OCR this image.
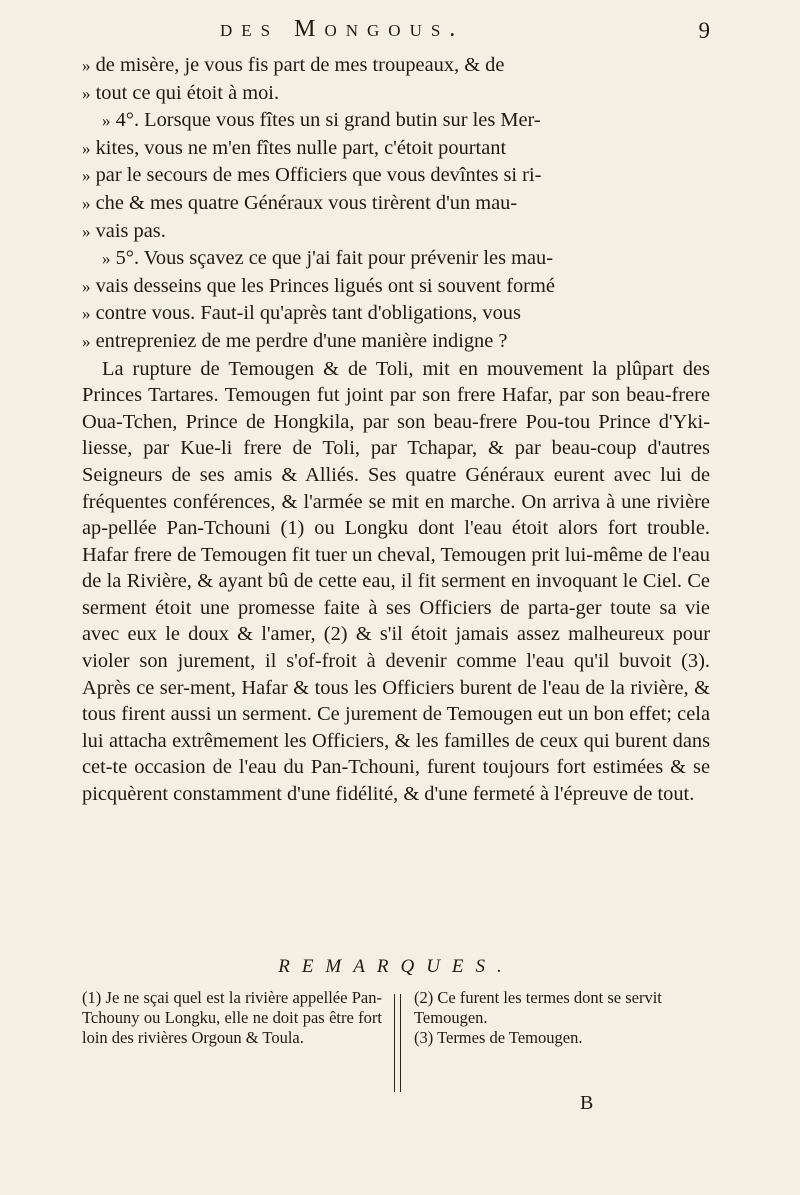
des Mongous.	9

» de misère, je vous fis part de mes troupeaux, & de

» tout ce qui étoit à moi.

» 4°. Lorsque vous fîtes un si grand butin sur les Mer-

» kites, vous ne m'en fîtes nulle part, c'étoit pourtant

» par le secours de mes Officiers que vous devîntes si ri-

» che & mes quatre Généraux vous tirèrent d'un mau-

» vais pas.

» 5°. Vous sçavez ce que j'ai fait pour prévenir les mau-

» vais desseins que les Princes ligués ont si souvent formé

» contre vous. Faut-il qu'après tant d'obligations, vous

» entrepreniez de me perdre d'une manière indigne ?

La rupture de Temougen & de Toli, mit en mouvement la plûpart des Princes Tartares. Temougen fut joint par son frere Hafar, par son beau-frere Oua-Tchen, Prince de Hongkila, par son beau-frere Pou-tou Prince d'Yki-liesse, par Kue-li frere de Toli, par Tchapar, & par beau-coup d'autres Seigneurs de ses amis & Alliés. Ses quatre Généraux eurent avec lui de fréquentes conférences, & l'armée se mit en marche. On arriva à une rivière ap-pellée Pan-Tchouni (1) ou Longku dont l'eau étoit alors fort trouble. Hafar frere de Temougen fit tuer un cheval, Temougen prit lui-même de l'eau de la Rivière, & ayant bû de cette eau, il fit serment en invoquant le Ciel. Ce serment étoit une promesse faite à ses Officiers de parta-ger toute sa vie avec eux le doux & l'amer, (2) & s'il étoit jamais assez malheureux pour violer son jurement, il s'of-froit à devenir comme l'eau qu'il buvoit (3). Après ce ser-ment, Hafar & tous les Officiers burent de l'eau de la rivière, & tous firent aussi un serment. Ce jurement de Temougen eut un bon effet; cela lui attacha extrêmement les Officiers, & les familles de ceux qui burent dans cet-te occasion de l'eau du Pan-Tchouni, furent toujours fort estimées & se picquèrent constamment d'une fidélité, & d'une fermeté à l'épreuve de tout.

REMARQUES.

(1) Je ne sçai quel est la rivière appellée Pan-Tchouny ou Longku, elle ne doit pas être fort loin des rivières Orgoun & Toula.

(2) Ce furent les termes dont se servit Temougen.

(3) Termes de Temougen.

B
